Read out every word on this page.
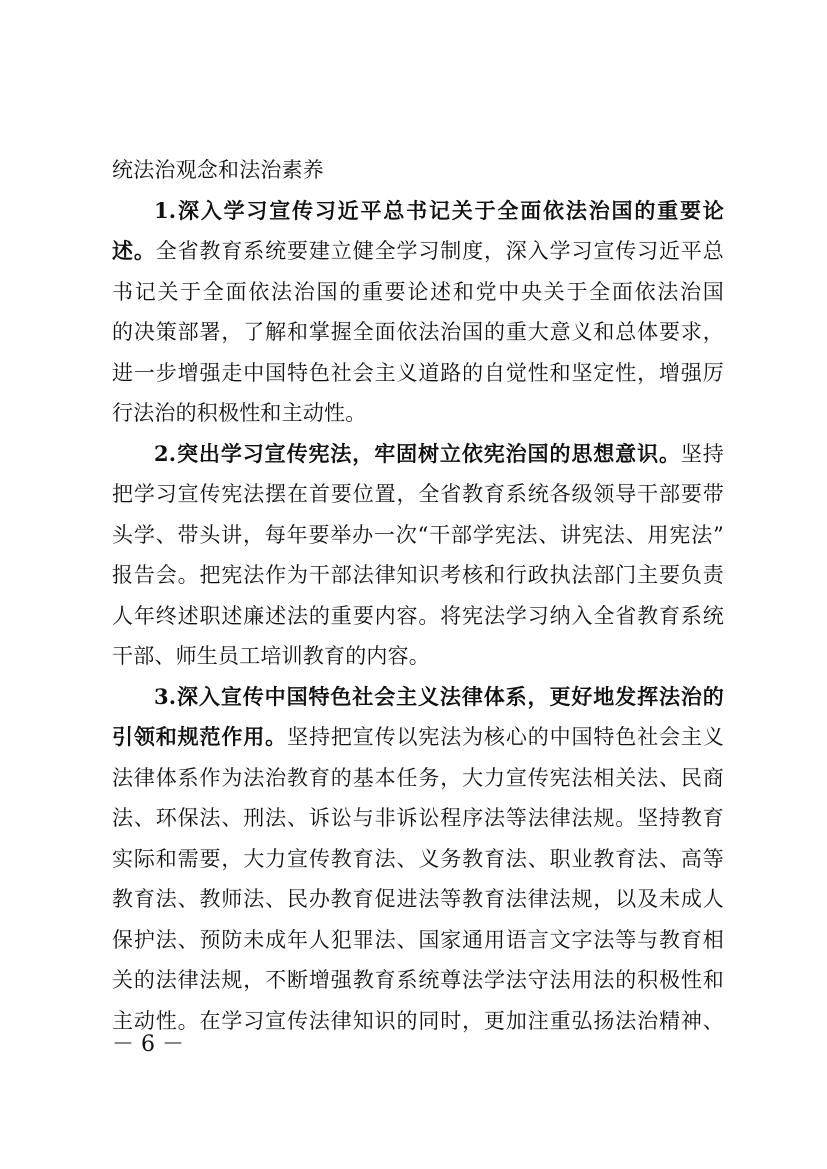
统法治观念和法治素养
1.深入学习宣传习近平总书记关于全面依法治国的重要论
述。全省教育系统要建立健全学习制度，深入学习宣传习近平总
书记关于全面依法治国的重要论述和党中央关于全面依法治国
的决策部署，了解和掌握全面依法治国的重大意义和总体要求，
进一步增强走中国特色社会主义道路的自觉性和坚定性，增强厉
行法治的积极性和主动性。
2.突出学习宣传宪法，牢固树立依宪治国的思想意识。坚持
把学习宣传宪法摆在首要位置，全省教育系统各级领导干部要带
头学、带头讲，每年要举办一次“干部学宪法、讲宪法、用宪法”
报告会。把宪法作为干部法律知识考核和行政执法部门主要负责
人年终述职述廉述法的重要内容。将宪法学习纳入全省教育系统
干部、师生员工培训教育的内容。
3.深入宣传中国特色社会主义法律体系，更好地发挥法治的
引领和规范作用。坚持把宣传以宪法为核心的中国特色社会主义
法律体系作为法治教育的基本任务，大力宣传宪法相关法、民商
法、环保法、刑法、诉讼与非诉讼程序法等法律法规。坚持教育
实际和需要，大力宣传教育法、义务教育法、职业教育法、高等
教育法、教师法、民办教育促进法等教育法律法规，以及未成人
保护法、预防未成年人犯罪法、国家通用语言文字法等与教育相
关的法律法规，不断增强教育系统尊法学法守法用法的积极性和
主动性。在学习宣传法律知识的同时，更加注重弘扬法治精神、
－ 6 －
